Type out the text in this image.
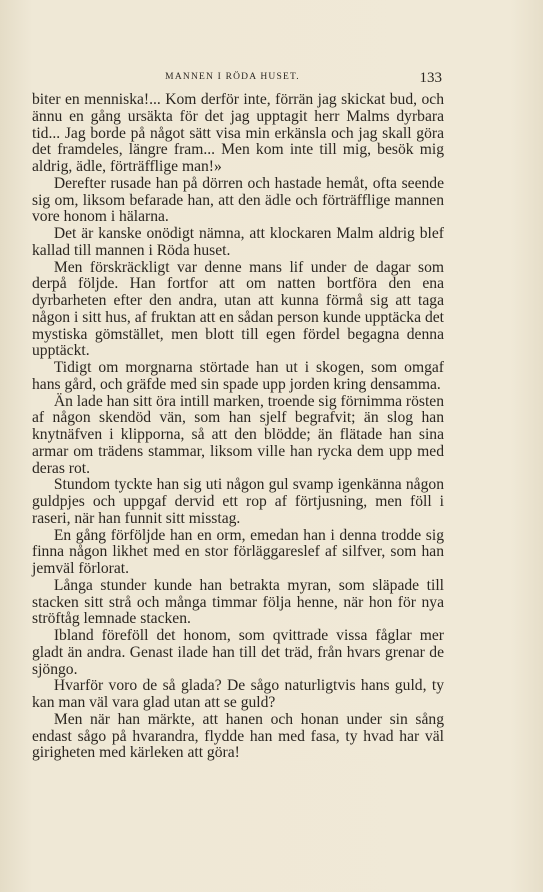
MANNEN I RÖDA HUSET.	133

biter en menniska!... Kom derför inte, förrän jag skickat bud, och ännu en gång ursäkta för det jag upptagit herr Malms dyrbara tid... Jag borde på något sätt visa min erkänsla och jag skall göra det framdeles, längre fram... Men kom inte till mig, besök mig aldrig, ädle, förträfflige man!»

Derefter rusade han på dörren och hastade hemåt, ofta seende sig om, liksom befarade han, att den ädle och förträfflige mannen vore honom i hälarna.

Det är kanske onödigt nämna, att klockaren Malm aldrig blef kallad till mannen i Röda huset.

Men förskräckligt var denne mans lif under de dagar som derpå följde. Han fortfor att om natten bortföra den ena dyrbarheten efter den andra, utan att kunna förmå sig att taga någon i sitt hus, af fruktan att en sådan person kunde upptäcka det mystiska gömstället, men blott till egen fördel begagna denna upptäckt.

Tidigt om morgnarna störtade han ut i skogen, som omgaf hans gård, och gräfde med sin spade upp jorden kring densamma.

Än lade han sitt öra intill marken, troende sig förnimma rösten af någon skendöd vän, som han sjelf begrafvit; än slog han knytnäfven i klipporna, så att den blödde; än flätade han sina armar om trädens stammar, liksom ville han rycka dem upp med deras rot.

Stundom tyckte han sig uti någon gul svamp igenkänna någon guldpjes och uppgaf dervid ett rop af förtjusning, men föll i raseri, när han funnit sitt misstag.

En gång förföljde han en orm, emedan han i denna trodde sig finna någon likhet med en stor förläggareslef af silfver, som han jemväl förlorat.

Långa stunder kunde han betrakta myran, som släpade till stacken sitt strå och många timmar följa henne, när hon för nya ströftåg lemnade stacken.

Ibland föreföll det honom, som qvittrade vissa fåglar mer gladt än andra. Genast ilade han till det träd, från hvars grenar de sjöngo.

Hvarför voro de så glada? De sågo naturligtvis hans guld, ty kan man väl vara glad utan att se guld?

Men när han märkte, att hanen och honan under sin sång endast sågo på hvarandra, flydde han med fasa, ty hvad har väl girigheten med kärleken att göra!
